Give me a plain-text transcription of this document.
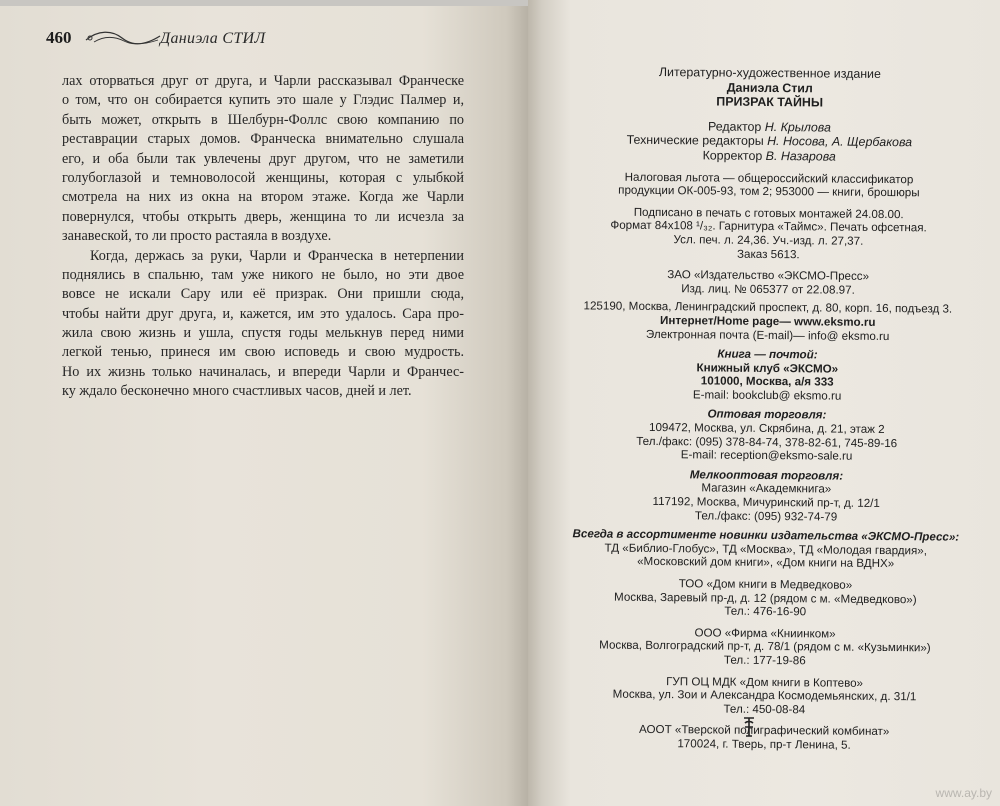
460	Даниэла СТИЛ
лах оторваться друг от друга, и Чарли рассказывал Франческе
о том, что он собирается купить это шале у Глэдис Палмер и,
быть может, открыть в Шелбурн-Фоллс свою компанию по
реставрации старых домов. Франческа внимательно слушала
его, и оба были так увлечены друг другом, что не заметили
голубоглазой и темноволосой женщины, которая с улыбкой
смотрела на них из окна на втором этаже. Когда же Чарли
повернулся, чтобы открыть дверь, женщина то ли исчезла за
занавеской, то ли просто растаяла в воздухе.
Когда, держась за руки, Чарли и Франческа в нетерпении
поднялись в спальню, там уже никого не было, но эти двое
вовсе не искали Сару или её призрак. Они пришли сюда,
чтобы найти друг друга, и, кажется, им это удалось. Сара про-
жила свою жизнь и ушла, спустя годы мелькнув перед ними
легкой тенью, принеся им свою исповедь и свою мудрость.
Но их жизнь только начиналась, и впереди Чарли и Франчес-
ку ждало бесконечно много счастливых часов, дней и лет.
Литературно-художественное издание
Даниэла Стил
ПРИЗРАК ТАЙНЫ
Редактор Н. Крылова
Технические редакторы Н. Носова, А. Щербакова
Корректор В. Назарова
Налоговая льгота — общероссийский классификатор
продукции ОК-005-93, том 2; 953000 — книги, брошюры
Подписано в печать с готовых монтажей 24.08.00.
Формат 84х108 ¹/₃₂. Гарнитура «Таймс». Печать офсетная.
Усл. печ. л. 24,36. Уч.-изд. л. 27,37.
Заказ 5613.
ЗАО «Издательство «ЭКСМО-Пресс»
Изд. лиц. № 065377 от 22.08.97.
125190, Москва, Ленинградский проспект, д. 80, корп. 16, подъезд 3.
Интернет/Home page— www.eksmo.ru
Электронная почта (E-mail)— info@ eksmo.ru
Книга — почтой:
Книжный клуб «ЭКСМО»
101000, Москва, а/я 333
E-mail: bookclub@ eksmo.ru
Оптовая торговля:
109472, Москва, ул. Скрябина, д. 21, этаж 2
Тел./факс: (095) 378-84-74, 378-82-61, 745-89-16
E-mail: reception@eksmo-sale.ru
Мелкооптовая торговля:
Магазин «Академкнига»
117192, Москва, Мичуринский пр-т, д. 12/1
Тел./факс: (095) 932-74-79
Всегда в ассортименте новинки издательства «ЭКСМО-Пресс»:
ТД «Библио-Глобус», ТД «Москва», ТД «Молодая гвардия»,
«Московский дом книги», «Дом книги на ВДНХ»
ТОО «Дом книги в Медведково»
Москва, Заревый пр-д, д. 12 (рядом с м. «Медведково»)
Тел.: 476-16-90
ООО «Фирма «Книинком»
Москва, Волгоградский пр-т, д. 78/1 (рядом с м. «Кузьминки»)
Тел.: 177-19-86
ГУП ОЦ МДК «Дом книги в Коптево»
Москва, ул. Зои и Александра Космодемьянских, д. 31/1
Тел.: 450-08-84
АООТ «Тверской полиграфический комбинат»
170024, г. Тверь, пр-т Ленина, 5.
www.ay.by
